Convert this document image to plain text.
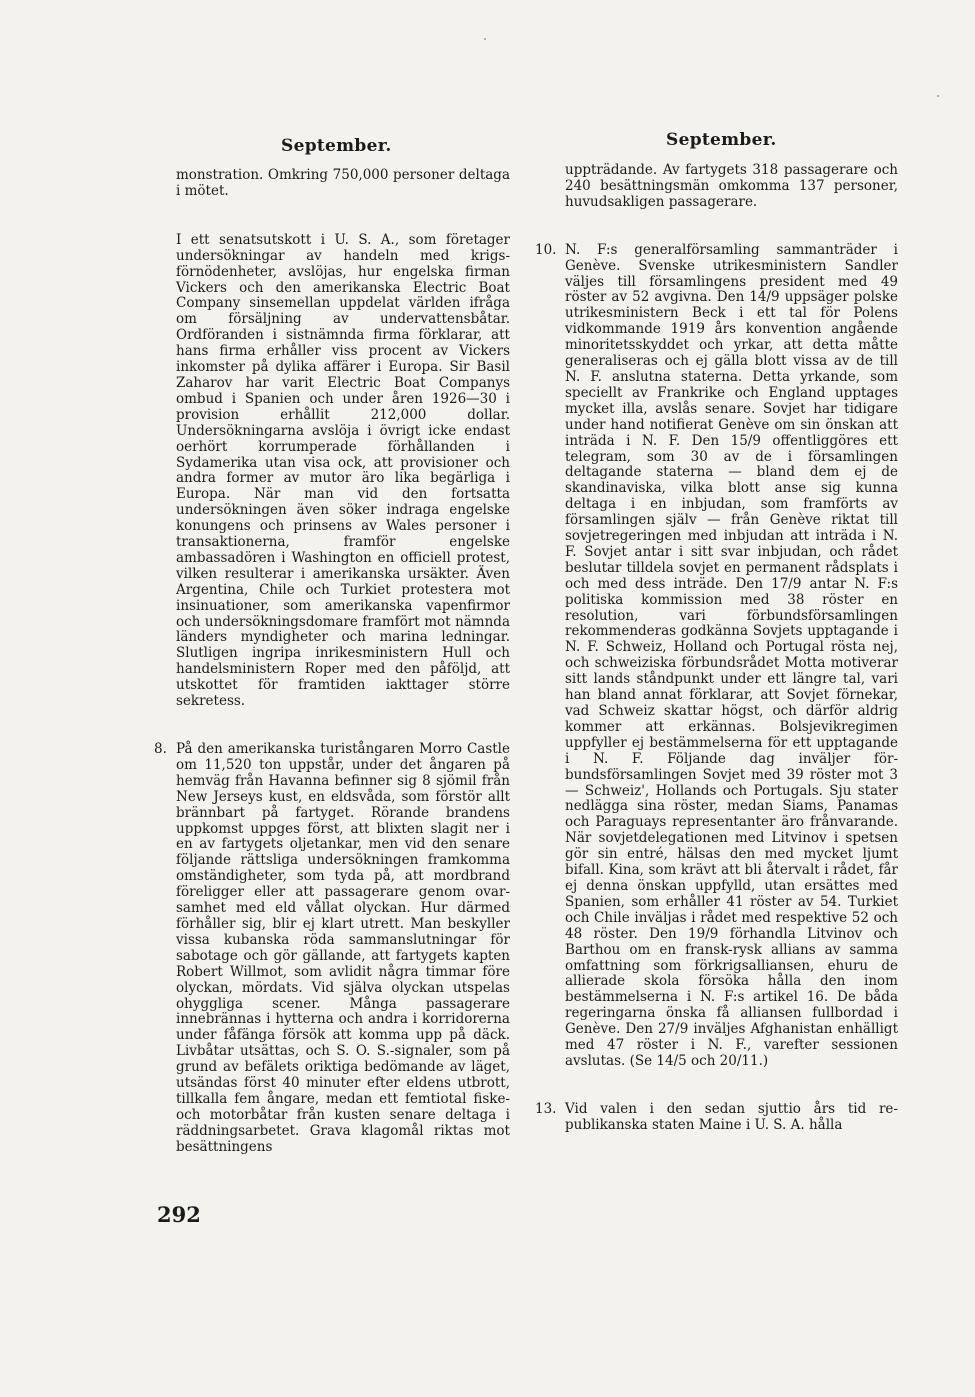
September.	September.

monstration. Omkring 750,000 personer deltaga i mötet.

I ett senatsutskott i U. S. A., som företager undersökningar av handeln med krigsförnödenheter, avslöjas, hur engelska firman Vickers och den amerikanska Electric Boat Company sinsemellan uppdelat världen ifråga om försäljning av undervattensbåtar. Ordföranden i sistnämnda firma förklarar, att hans firma erhåller viss procent av Vickers inkomster på dylika affärer i Europa. Sir Basil Zaharov har varit Electric Boat Companys ombud i Spanien och under åren 1926—30 i provision erhållit 212,000 dollar. Undersökningarna avslöja i övrigt icke endast oerhört korrumperade förhållanden i Sydamerika utan visa ock, att provisioner och andra former av mutor äro lika begärliga i Europa. När man vid den fortsatta undersökningen även söker indraga engelske konungens och prinsens av Wales personer i transaktionerna, framför engelske ambassadören i Washington en officiell protest, vilken resulterar i amerikanska ursäkter. Även Argentina, Chile och Turkiet protestera mot insinuationer, som amerikanska vapenfirmor och undersökningsdomare framfört mot nämnda länders myndigheter och marina ledningar. Slutligen ingripa inrikesministern Hull och handelsministern Roper med den påföljd, att utskottet för framtiden iakttager större sekretess.

8. På den amerikanska turistångaren Morro Castle om 11,520 ton uppstår, under det ångaren på hemväg från Havanna befinner sig 8 sjömil från New Jerseys kust, en eldsvåda, som förstör allt brännbart på fartyget. Rörande brandens uppkomst uppges först, att blixten slagit ner i en av fartygets oljetankar, men vid den senare följande rättsliga undersökningen framkomma omständigheter, som tyda på, att mordbrand föreligger eller att passagerare genom ovarsamhet med eld vållat olyckan. Hur därmed förhåller sig, blir ej klart utrett. Man beskyller vissa kubanska röda sammanslutningar för sabotage och gör gällande, att fartygets kapten Robert Willmot, som avlidit några timmar före olyckan, mördats. Vid själva olyckan utspelas ohyggliga scener. Många passagerare innebrännas i hytterna och andra i korridorerna under fåfänga försök att komma upp på däck. Livbåtar utsättas, och S. O. S.-signaler, som på grund av befälets oriktiga bedömande av läget, utsändas först 40 minuter efter eldens utbrott, tillkalla fem ångare, medan ett femtiotal fiske- och motorbåtar från kusten senare deltaga i räddningsarbetet. Grava klagomål riktas mot besättningens

uppträdande. Av fartygets 318 passagerare och 240 besättningsmän omkomma 137 personer, huvudsakligen passagerare.

10. N. F:s generalförsamling sammanträder i Genève. Svenske utrikesministern Sandler väljes till församlingens president med 49 röster av 52 avgivna. Den 14/9 uppsäger polske utrikesministern Beck i ett tal för Polens vidkommande 1919 års konvention angående minoritetsskyddet och yrkar, att detta måtte generaliseras och ej gälla blott vissa av de till N. F. anslutna staterna. Detta yrkande, som speciellt av Frankrike och England upptages mycket illa, avslås senare. Sovjet har tidigare under hand notifierat Genève om sin önskan att inträda i N. F. Den 15/9 offentliggöres ett telegram, som 30 av de i församlingen deltagande staterna — bland dem ej de skandinaviska, vilka blott anse sig kunna deltaga i en inbjudan, som framförts av församlingen själv — från Genève riktat till sovjetregeringen med inbjudan att inträda i N. F. Sovjet antar i sitt svar inbjudan, och rådet beslutar tilldela sovjet en permanent rådsplats i och med dess inträde. Den 17/9 antar N. F:s politiska kommission med 38 röster en resolution, vari förbundsförsamlingen rekommenderas godkänna Sovjets upptagande i N. F. Schweiz, Holland och Portugal rösta nej, och schweiziska förbundsrådet Motta motiverar sitt lands ståndpunkt under ett längre tal, vari han bland annat förklarar, att Sovjet förnekar, vad Schweiz skattar högst, och därför aldrig kommer att erkännas. Bolsjevikregimen uppfyller ej bestämmelserna för ett upptagande i N. F. Följande dag inväljer förbundsförsamlingen Sovjet med 39 röster mot 3 — Schweiz', Hollands och Portugals. Sju stater nedlägga sina röster, medan Siams, Panamas och Paraguays representanter äro frånvarande. När sovjetdelegationen med Litvinov i spetsen gör sin entré, hälsas den med mycket ljumt bifall. Kina, som krävt att bli återvalt i rådet, får ej denna önskan uppfylld, utan ersättes med Spanien, som erhåller 41 röster av 54. Turkiet och Chile inväljas i rådet med respektive 52 och 48 röster. Den 19/9 förhandla Litvinov och Barthou om en fransk-rysk allians av samma omfattning som förkrigsalliansen, ehuru de allierade skola försöka hålla den inom bestämmelserna i N. F:s artikel 16. De båda regeringarna önska få alliansen fullbordad i Genève. Den 27/9 inväljes Afghanistan enhälligt med 47 röster i N. F., varefter sessionen avslutas. (Se 14/5 och 20/11.)

13. Vid valen i den sedan sjuttio års tid republikanska staten Maine i U. S. A. hålla

292
